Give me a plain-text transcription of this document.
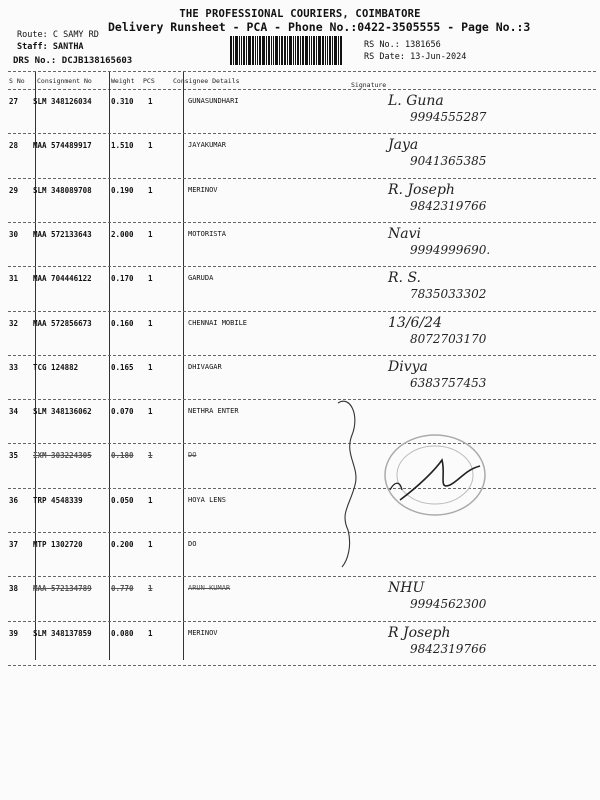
THE PROFESSIONAL COURIERS, COIMBATORE
Delivery Runsheet - PCA - Phone No.:0422-3505555 - Page No.:3
Route: C SAMY RD
Staff: SANTHA
DRS No.: DCJB138165603
RS No.: 1381656
RS Date: 13-Jun-2024
S No Consignment No	Weight PCS	Consignee Details	Signature
27 SLM 348126034	0.310 1	GUNASUNDHARI	L. Guna
9994555287
28 MAA 574489917	1.510 1	JAYAKUMAR	Jaya
9041365385
29 SLM 348089708	0.190 1	MERINOV	R. Joseph
9842319766
30 MAA 572133643	2.000 1	MOTORISTA	Navi
9994999690.
31 MAA 704446122	0.170 1	GARUDA	R. S.
7835033302
32 MAA 572856673	0.160 1	CHENNAI MOBILE	13/6/24
8072703170
33 TCG 124882	0.165 1	DHIVAGAR	Divya
6383757453
34 SLM 348136062	0.070 1	NETHRA ENTER
35 IXM 303224305	0.180 1	DO
36 TRP 4548339	0.050 1	HOYA LENS
37 MTP 1302720	0.200 1	DO
38 MAA 572134789	0.770 1	ARUN KUMAR	NHU
9994562300
39 SLM 348137859	0.080 1	MERINOV	R Joseph
9842319766
